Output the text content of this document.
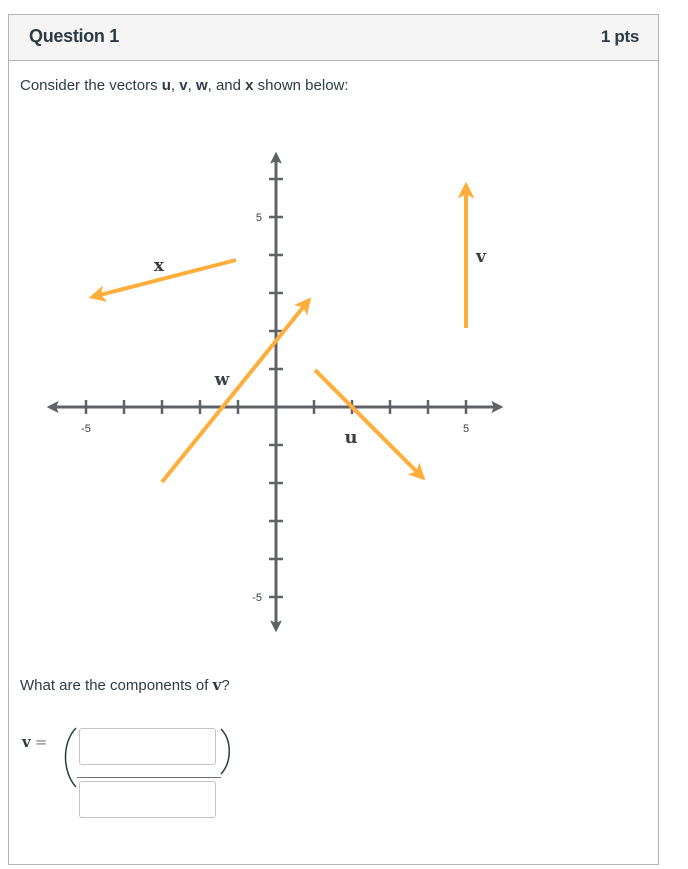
Question 1	1 pts
Consider the vectors u, v, w, and x shown below:
-5	5
5
-5
x
w
u
v
What are the components of v?
v =
